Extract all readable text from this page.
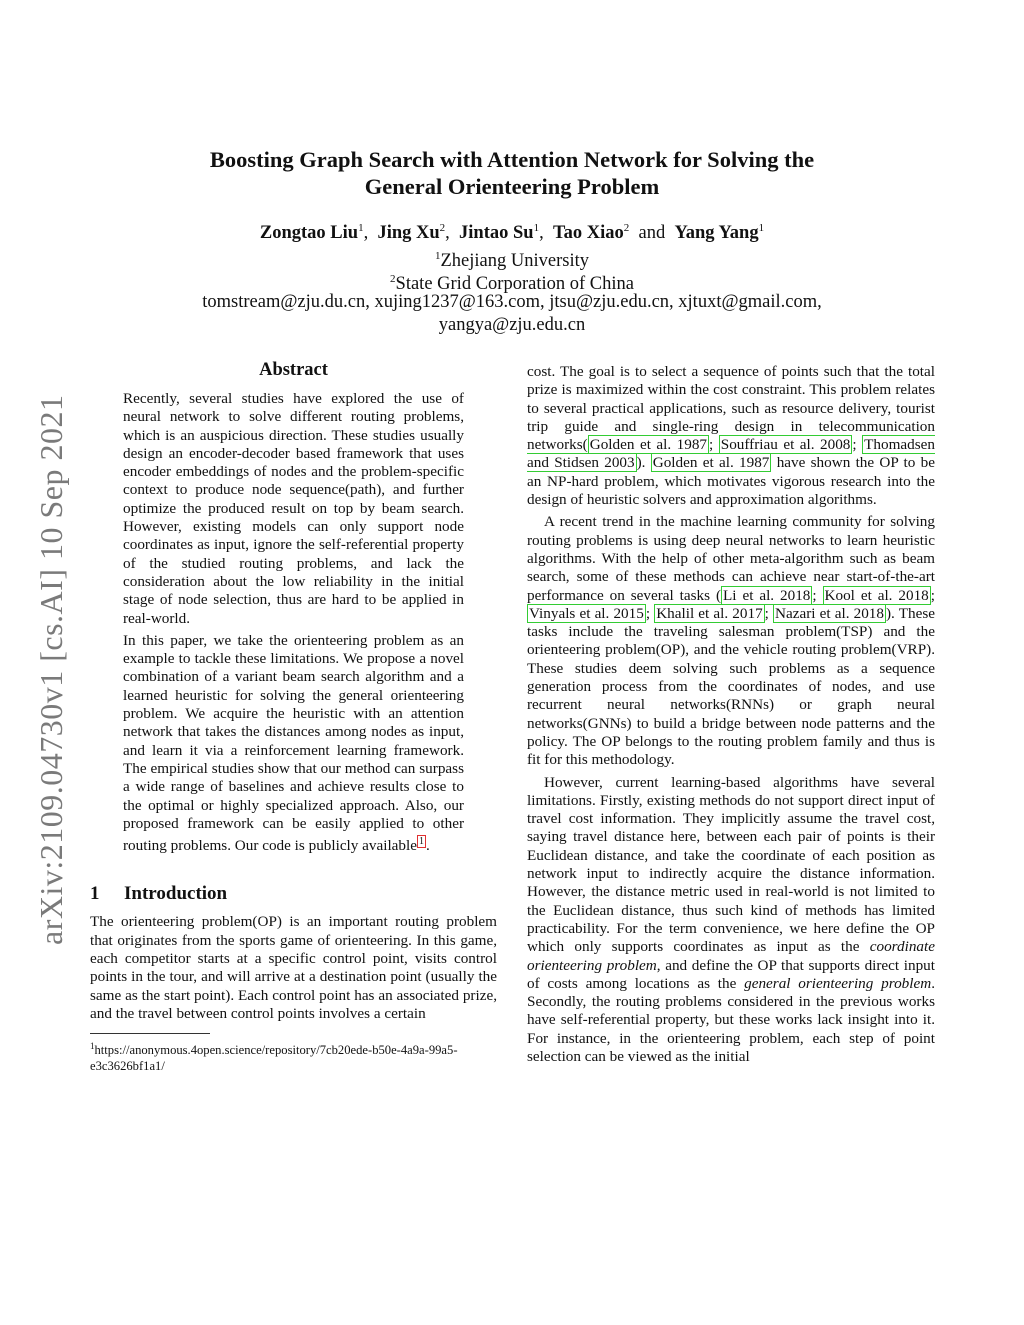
arXiv:2109.04730v1 [cs.AI] 10 Sep 2021
Boosting Graph Search with Attention Network for Solving the
General Orienteering Problem
Zongtao Liu$^1$,  Jing Xu$^2$,  Jintao Su$^1$,  Tao Xiao$^2$ and Yang Yang$^1$
$^1$Zhejiang University
$^2$State Grid Corporation of China
tomstream@zju.du.cn, xujing1237@163.com, jtsu@zju.edu.cn, xjtuxt@gmail.com,
yangya@zju.edu.cn
Abstract

Recently, several studies have explored the use of neural network to solve different routing problems, which is an auspicious direction. These studies usually design an encoder-decoder based framework that uses encoder embeddings of nodes and the problem-specific context to produce node sequence(path), and further optimize the produced result on top by beam search. However, existing models can only support node coordinates as input, ignore the self-referential property of the studied routing problems, and lack the consideration about the low reliability in the initial stage of node selection, thus are hard to be applied in real-world.

In this paper, we take the orienteering problem as an example to tackle these limitations. We propose a novel combination of a variant beam search algorithm and a learned heuristic for solving the general orienteering problem. We acquire the heuristic with an attention network that takes the distances among nodes as input, and learn it via a reinforcement learning framework. The empirical studies show that our method can surpass a wide range of baselines and achieve results close to the optimal or highly specialized approach. Also, our proposed framework can be easily applied to other routing problems. Our code is publicly available $^1$ .

1 Introduction

The orienteering problem(OP) is an important routing problem that originates from the sports game of orienteering. In this game, each competitor starts at a specific control point, visits control points in the tour, and will arrive at a destination point (usually the same as the start point). Each control point has an associated prize, and the travel between control points involves a certain

$^1$https://anonymous.4open.science/repository/7cb20ede-b50e-4a9a-99a5-e3c3626bf1a1/

cost. The goal is to select a sequence of points such that the total prize is maximized within the cost constraint. This problem relates to several practical applications, such as resource delivery, tourist trip guide and single-ring design in telecommunication networks( Golden et al. 1987 ; Souffriau et al. 2008 ; Thomadsen and Stidsen 2003 ). Golden et al. 1987 have shown the OP to be an NP-hard problem, which motivates vigorous research into the design of heuristic solvers and approximation algorithms.

A recent trend in the machine learning community for solving routing problems is using deep neural networks to learn heuristic algorithms. With the help of other meta-algorithm such as beam search, some of these methods can achieve near start-of-the-art performance on several tasks ( Li et al. 2018 ; Kool et al. 2018 ; Vinyals et al. 2015 ; Khalil et al. 2017 ; Nazari et al. 2018 ). These tasks include the traveling salesman problem(TSP) and the orienteering problem(OP), and the vehicle routing problem(VRP). These studies deem solving such problems as a sequence generation process from the coordinates of nodes, and use recurrent neural networks(RNNs) or graph neural networks(GNNs) to build a bridge between node patterns and the policy. The OP belongs to the routing problem family and thus is fit for this methodology.

However, current learning-based algorithms have several limitations. Firstly, existing methods do not support direct input of travel cost information. They implicitly assume the travel cost, saying travel distance here, between each pair of points is their Euclidean distance, and take the coordinate of each position as network input to indirectly acquire the distance information. However, the distance metric used in real-world is not limited to the Euclidean distance, thus such kind of methods has limited practicability. For the term convenience, we here define the OP which only supports coordinates as input as the coordinate orienteering problem, and define the OP that supports direct input of costs among locations as the general orienteering problem. Secondly, the routing problems considered in the previous works have self-referential property, but these works lack insight into it. For instance, in the orienteering problem, each step of point selection can be viewed as the initial
